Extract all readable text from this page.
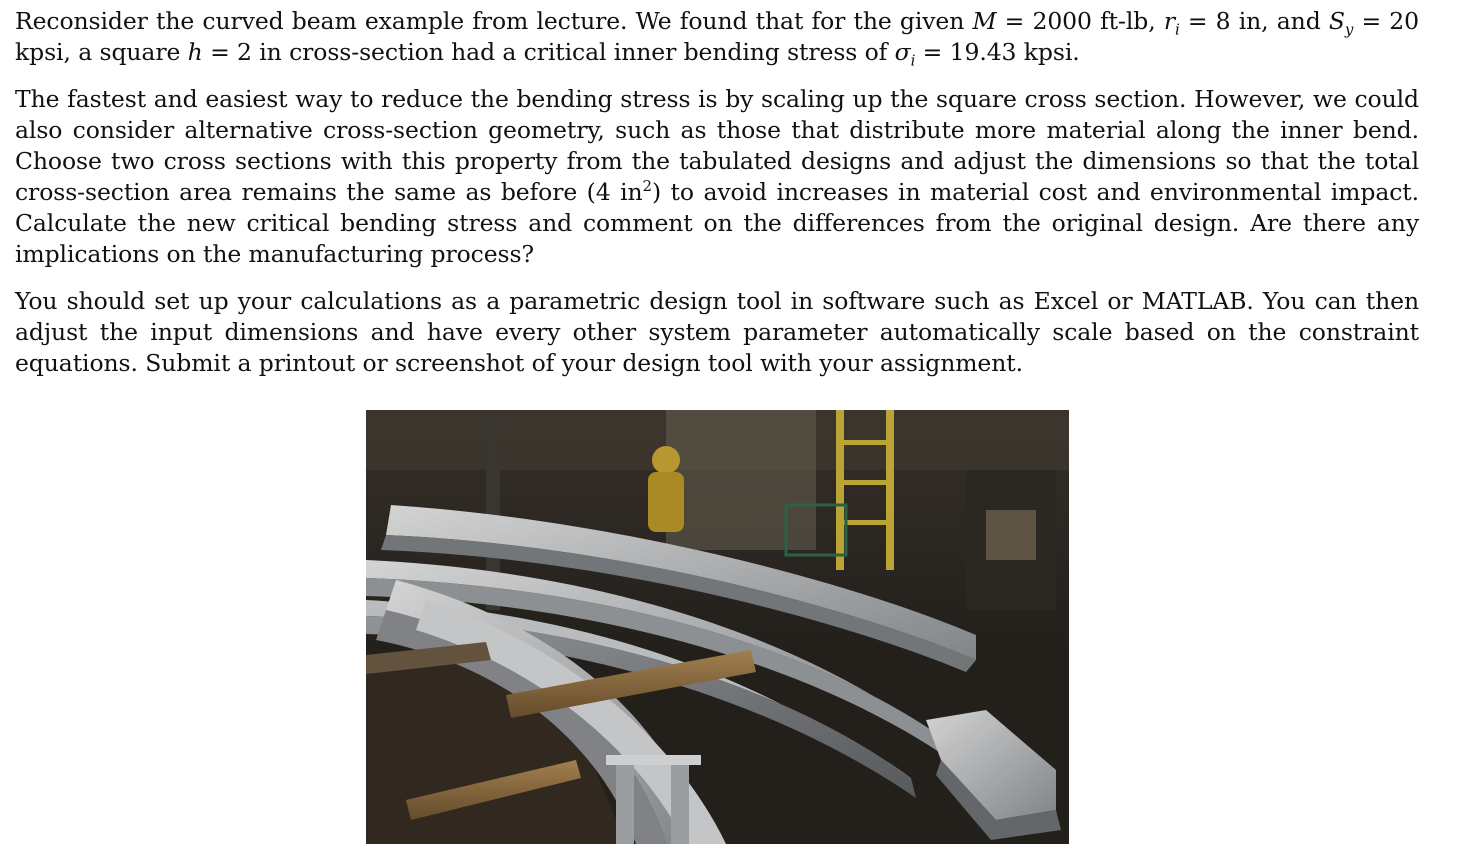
Reconsider the curved beam example from lecture. We found that for the given M = 2000 ft-lb, $r_i = 8$ in, and $S_y = 20$ kpsi, a square h = 2 in cross-section had a critical inner bending stress of $\sigma_i = 19.43$ kpsi.

The fastest and easiest way to reduce the bending stress is by scaling up the square cross section. However, we could also consider alternative cross-section geometry, such as those that distribute more material along the inner bend. Choose two cross sections with this property from the tabulated designs and adjust the dimensions so that the total cross-section area remains the same as before (4 $in^2$) to avoid increases in material cost and environmental impact. Calculate the new critical bending stress and comment on the differences from the original design. Are there any implications on the manufacturing process?

You should set up your calculations as a parametric design tool in software such as Excel or MATLAB. You can then adjust the input dimensions and have every other system parameter automatically scale based on the constraint equations. Submit a printout or screenshot of your design tool with your assignment.
